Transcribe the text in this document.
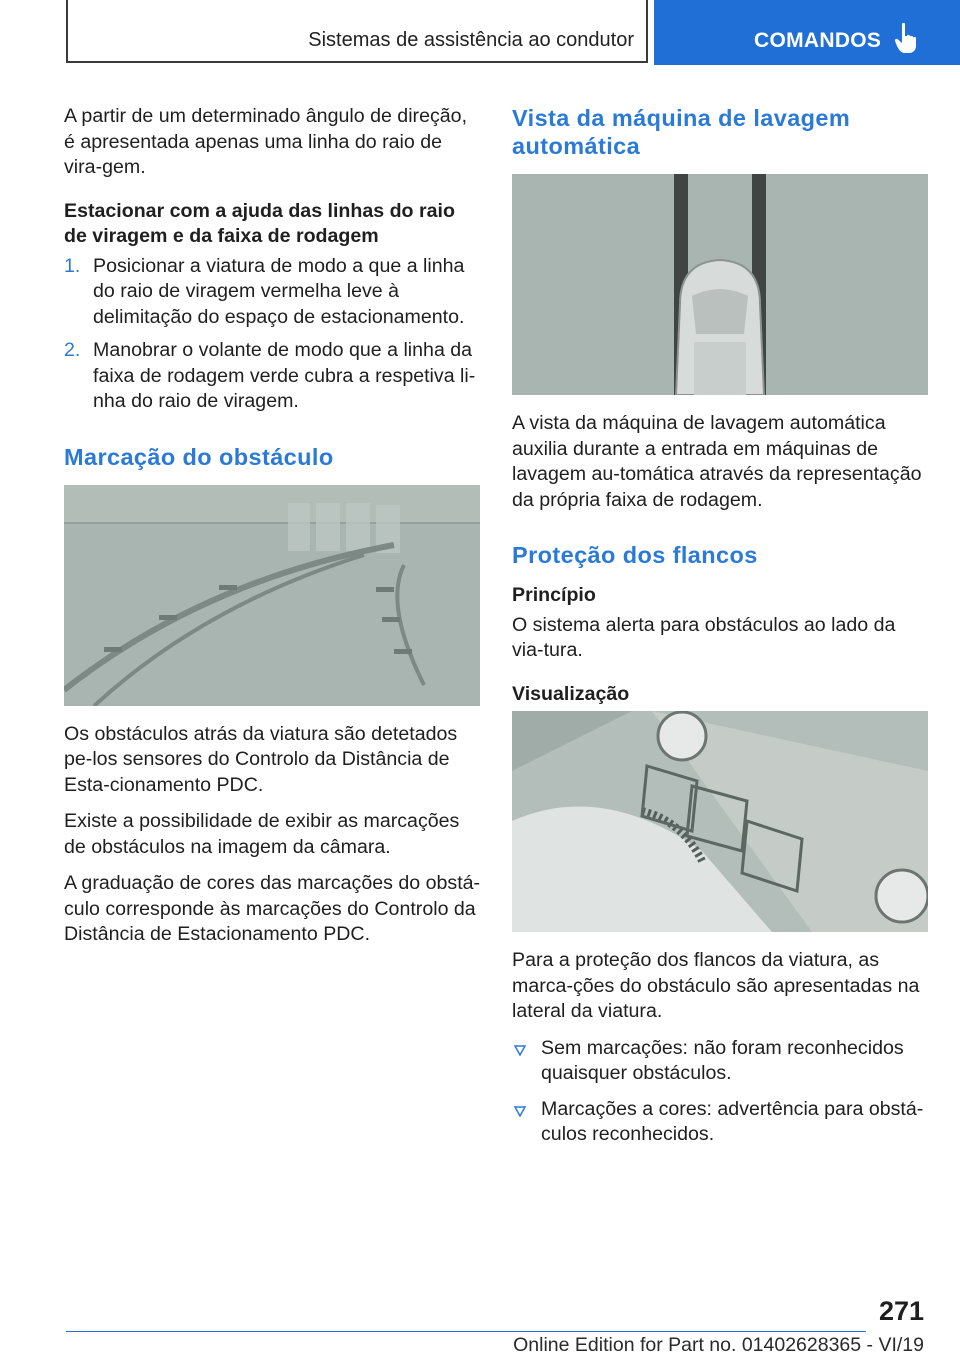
Sistemas de assistência ao condutor	COMANDOS

A partir de um determinado ângulo de direção, é apresentada apenas uma linha do raio de vira-gem.

Estacionar com a ajuda das linhas do raio de viragem e da faixa de rodagem
1. Posicionar a viatura de modo a que a linha do raio de viragem vermelha leve à delimitação do espaço de estacionamento.
2. Manobrar o volante de modo que a linha da faixa de rodagem verde cubra a respetiva li-nha do raio de viragem.
Marcação do obstáculo

Os obstáculos atrás da viatura são detetados pe-los sensores do Controlo da Distância de Esta-cionamento PDC.

Existe a possibilidade de exibir as marcações de obstáculos na imagem da câmara.

A graduação de cores das marcações do obstá-culo corresponde às marcações do Controlo da Distância de Estacionamento PDC.

Vista da máquina de lavagem automática

A vista da máquina de lavagem automática auxilia durante a entrada em máquinas de lavagem au-tomática através da representação da própria faixa de rodagem.

Proteção dos flancos
Princípio

O sistema alerta para obstáculos ao lado da via-tura.

Visualização

Para a proteção dos flancos da viatura, as marca-ções do obstáculo são apresentadas na lateral da viatura.

Sem marcações: não foram reconhecidos quaisquer obstáculos.
Marcações a cores: advertência para obstá-culos reconhecidos.
271
Online Edition for Part no. 01402628365 - VI/19
